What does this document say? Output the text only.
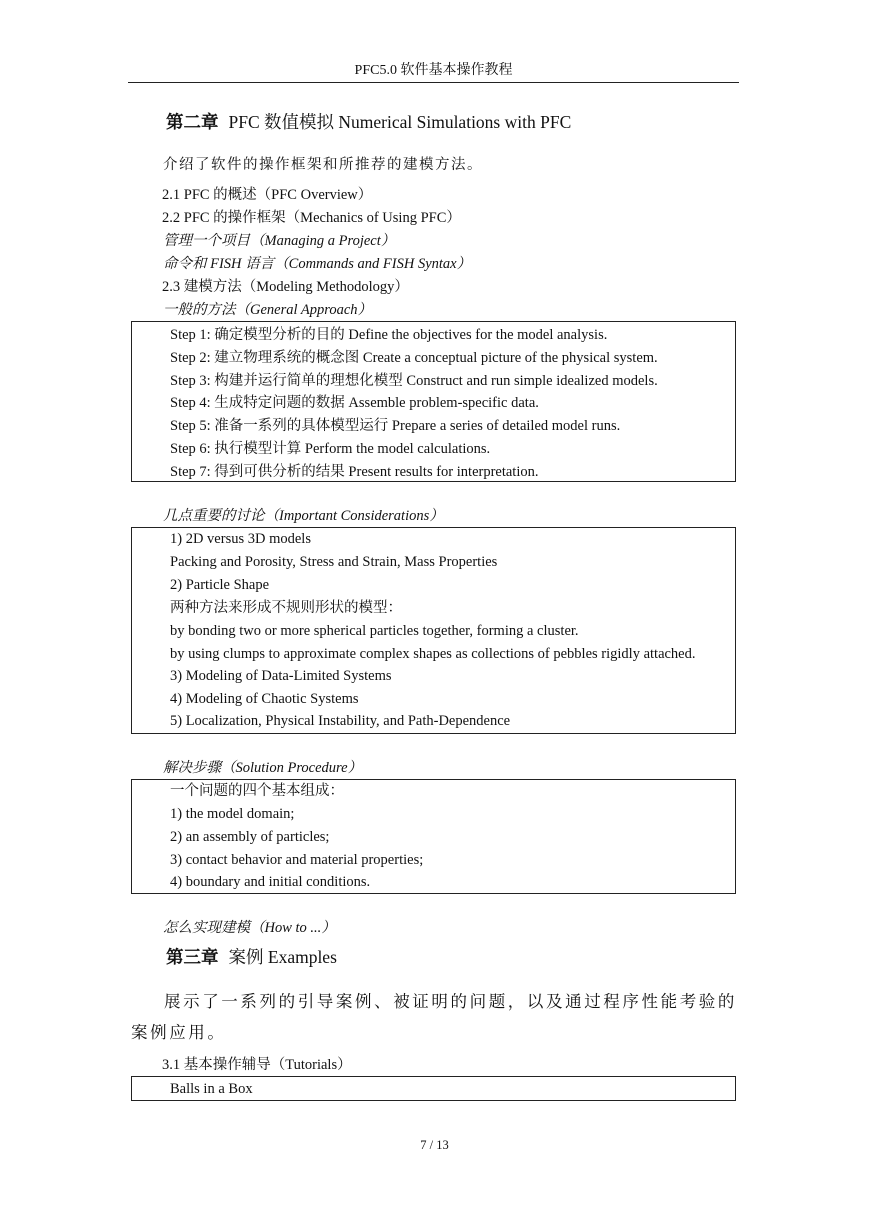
PFC5.0 软件基本操作教程
第二章 PFC 数值模拟 Numerical Simulations with PFC
介绍了软件的操作框架和所推荐的建模方法。
2.1 PFC 的概述（PFC Overview）
2.2 PFC 的操作框架（Mechanics of Using PFC）
管理一个项目（Managing a Project）
命令和 FISH 语言（Commands and FISH Syntax）
2.3 建模方法（Modeling Methodology）
一般的方法（General Approach）
Step 1: 确定模型分析的目的 Define the objectives for the model analysis.
Step 2: 建立物理系统的概念图 Create a conceptual picture of the physical system.
Step 3: 构建并运行简单的理想化模型 Construct and run simple idealized models.
Step 4: 生成特定问题的数据 Assemble problem-specific data.
Step 5: 准备一系列的具体模型运行 Prepare a series of detailed model runs.
Step 6: 执行模型计算 Perform the model calculations.
Step 7: 得到可供分析的结果 Present results for interpretation.
几点重要的讨论（Important Considerations）
1) 2D versus 3D models
Packing and Porosity, Stress and Strain, Mass Properties
2) Particle Shape
两种方法来形成不规则形状的模型：
by bonding two or more spherical particles together, forming a cluster.
by using clumps to approximate complex shapes as collections of pebbles rigidly attached.
3) Modeling of Data-Limited Systems
4) Modeling of Chaotic Systems
5) Localization, Physical Instability, and Path-Dependence
解决步骤（Solution Procedure）
一个问题的四个基本组成：
1) the model domain;
2) an assembly of particles;
3) contact behavior and material properties;
4) boundary and initial conditions.
怎么实现建模（How to ...）
第三章 案例 Examples
展示了一系列的引导案例、被证明的问题，以及通过程序性能考验的案例应用。
3.1 基本操作辅导（Tutorials）
Balls in a Box
7 / 13
